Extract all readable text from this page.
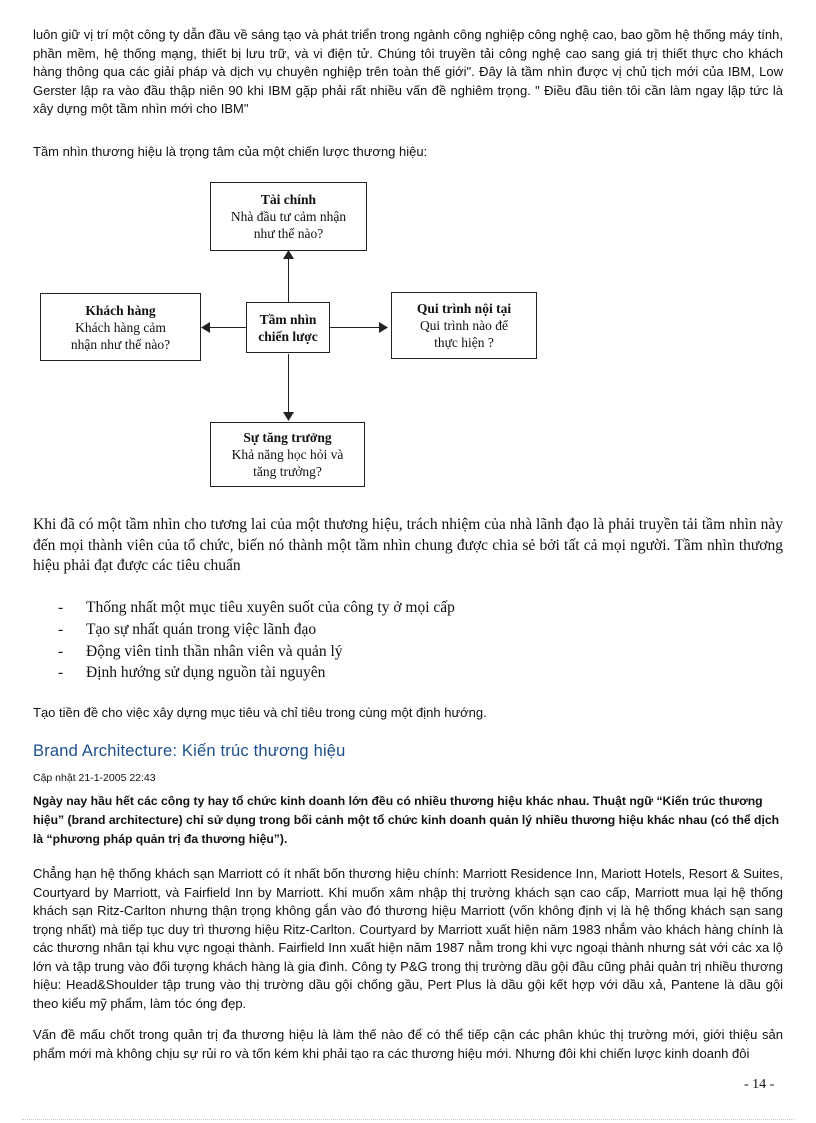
luôn giữ vị trí một công ty dẫn đầu về sáng tạo và phát triển trong ngành công nghiệp công nghệ cao, bao gồm hệ thống máy tính, phần mềm, hệ thống mạng, thiết bị lưu trữ, và vi điện tử. Chúng tôi truyền tải công nghệ cao sang giá trị thiết thực cho khách hàng thông qua các giải pháp và dịch vụ chuyên nghiệp trên toàn thế giới". Đây là tầm nhìn được vị chủ tịch mới của IBM, Low Gerster lập ra vào đầu thập niên 90 khi IBM gặp phải rất nhiều vấn đề nghiêm trọng. " Điều đầu tiên tôi cần làm ngay lập tức là xây dựng một tầm nhìn mới cho IBM"
Tầm nhìn thương hiệu là trọng tâm của một chiến lược thương hiệu:
Tài chính
Nhà đầu tư cảm nhận
như thế nào?
Khách hàng
Khách hàng cảm
nhận như thế nào?
Tầm nhìn
chiến lược
Qui trình nội tại
Qui trình nào để
thực hiện ?
Sự tăng trưởng
Khả năng học hỏi và
tăng trưởng?
Khi đã có một tầm nhìn cho tương lai của một thương hiệu, trách nhiệm của nhà lãnh đạo là phải truyền tải tầm nhìn này đến mọi thành viên của tổ chức, biến nó thành một tầm nhìn chung được chia sẻ bởi tất cả mọi người. Tầm nhìn thương hiệu phải đạt được các tiêu chuẩn
- Thống nhất một mục tiêu xuyên suốt của công ty ở mọi cấp
- Tạo sự nhất quán trong việc lãnh đạo
- Động viên tinh thần nhân viên và quản lý
- Định hướng sử dụng nguồn tài nguyên
Tạo tiền đề cho việc xây dựng mục tiêu và chỉ tiêu trong cùng một định hướng.
Brand Architecture: Kiến trúc thương hiệu
Cập nhật 21-1-2005 22:43
Ngày nay hầu hết các công ty hay tổ chức kinh doanh lớn đều có nhiều thương hiệu khác nhau. Thuật ngữ “Kiến trúc thương hiệu” (brand architecture) chỉ sử dụng trong bối cảnh một tổ chức kinh doanh quản lý nhiều thương hiệu khác nhau (có thể dịch là “phương pháp quản trị đa thương hiệu”).
Chẳng hạn hệ thống khách sạn Marriott có ít nhất bốn thương hiệu chính: Marriott Residence Inn, Mariott Hotels, Resort & Suites, Courtyard by Marriott, và Fairfield Inn by Marriott. Khi muốn xâm nhập thị trường khách sạn cao cấp, Marriott mua lại hệ thống khách sạn Ritz-Carlton nhưng thận trọng không gắn vào đó thương hiệu Marriott (vốn không định vị là hệ thống khách sạn sang trọng nhất) mà tiếp tục duy trì thương hiệu Ritz-Carlton. Courtyard by Marriott xuất hiện năm 1983 nhắm vào khách hàng chính là các thương nhân tại khu vực ngoại thành. Fairfield Inn xuất hiện năm 1987 nằm trong khi vực ngoại thành nhưng sát với các xa lộ lớn và tập trung vào đối tượng khách hàng là gia đình. Công ty P&G trong thị trường dầu gội đầu cũng phải quản trị nhiều thương hiệu: Head&Shoulder tập trung vào thị trường dầu gội chống gầu, Pert Plus là dầu gội kết hợp với dầu xả, Pantene là dầu gội theo kiểu mỹ phẩm, làm tóc óng đẹp.
Vấn đề mấu chốt trong quản trị đa thương hiệu là làm thế nào để có thể tiếp cận các phân khúc thị trường mới, giới thiệu sản phẩm mới mà không chịu sự rủi ro và tốn kém khi phải tạo ra các thương hiệu mới. Nhưng đôi khi chiến lược kinh doanh đôi
- 14 -
